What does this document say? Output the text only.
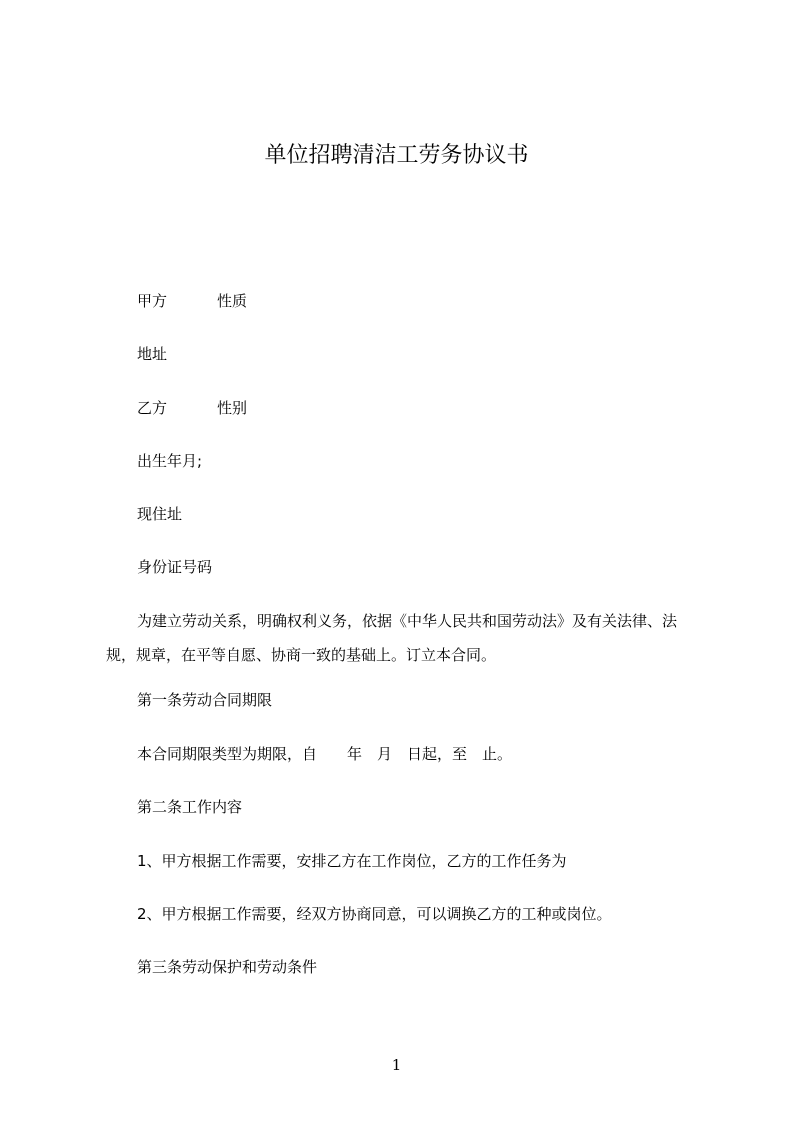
单位招聘清洁工劳务协议书
甲方	性质
地址
乙方	性别
出生年月;
现住址
身份证号码
为建立劳动关系，明确权利义务，依据《中华人民共和国劳动法》及有关法律、法规，规章，在平等自愿、协商一致的基础上。订立本合同。
第一条劳动合同期限
本合同期限类型为期限，自　　年　月　日起，至　止。
第二条工作内容
1、甲方根据工作需要，安排乙方在工作岗位，乙方的工作任务为
2、甲方根据工作需要，经双方协商同意，可以调换乙方的工种或岗位。
第三条劳动保护和劳动条件
1
